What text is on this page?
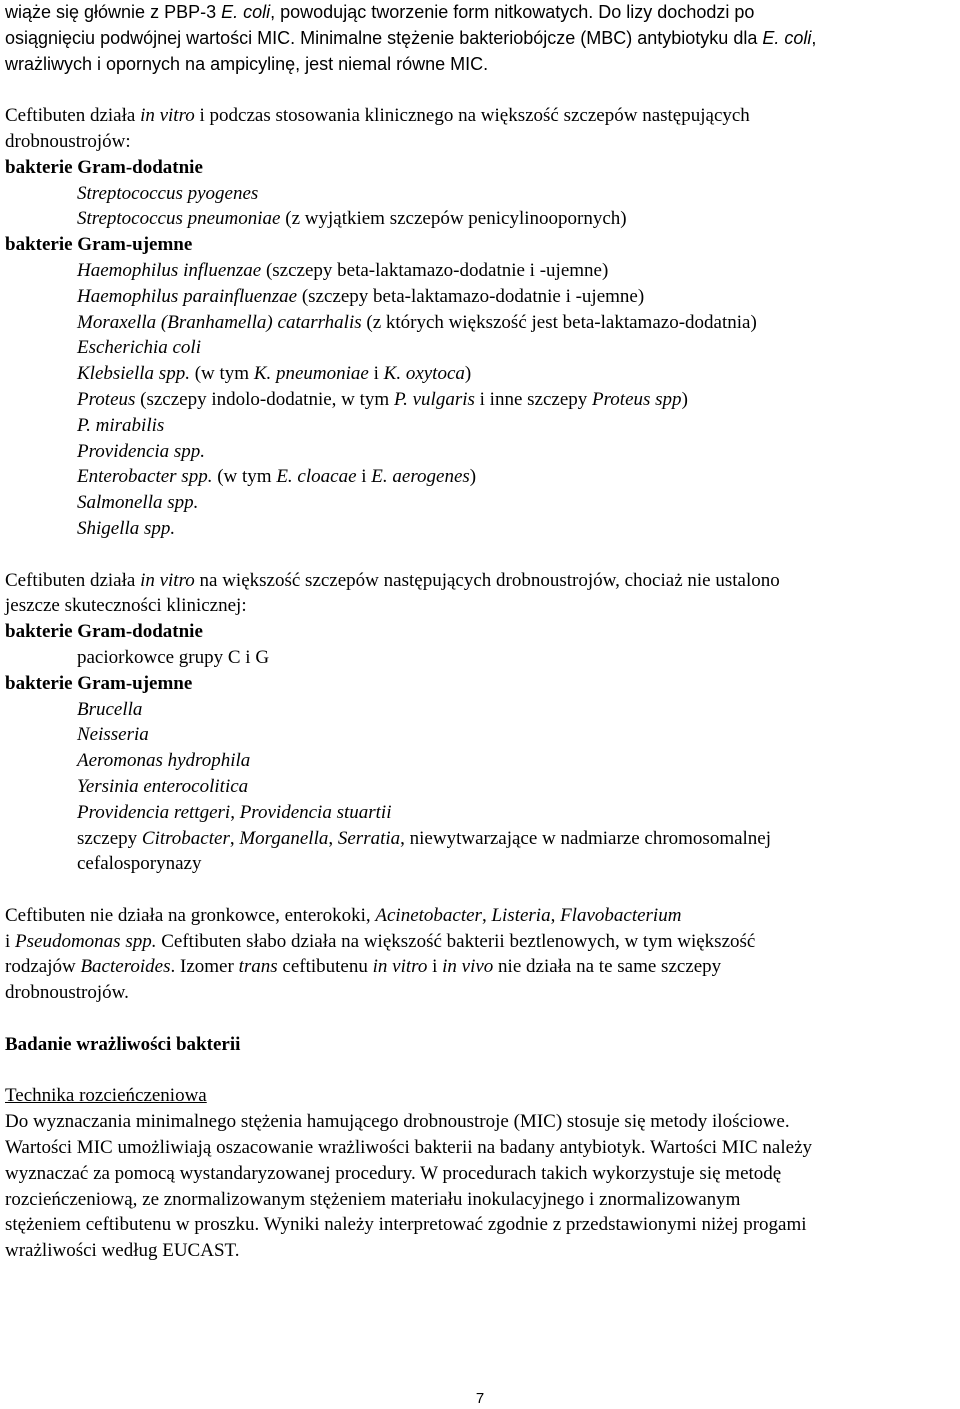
wiąże się głównie z PBP-3 E. coli, powodując tworzenie form nitkowatych. Do lizy dochodzi po

osiągnięciu podwójnej wartości MIC. Minimalne stężenie bakteriobójcze (MBC) antybiotyku dla E. coli,

wrażliwych i opornych na ampicylinę, jest niemal równe MIC.

Ceftibuten działa in vitro i podczas stosowania klinicznego na większość szczepów następujących

drobnoustrojów:

bakterie Gram-dodatnie

Streptococcus pyogenes

Streptococcus pneumoniae (z wyjątkiem szczepów penicylinoopornych)

bakterie Gram-ujemne

Haemophilus influenzae (szczepy beta-laktamazo-dodatnie i -ujemne)

Haemophilus parainfluenzae (szczepy beta-laktamazo-dodatnie i -ujemne)

Moraxella (Branhamella) catarrhalis (z których większość jest beta-laktamazo-dodatnia)

Escherichia coli

Klebsiella spp. (w tym K. pneumoniae i K. oxytoca)

Proteus (szczepy indolo-dodatnie, w tym P. vulgaris i inne szczepy Proteus spp)

P. mirabilis

Providencia spp.

Enterobacter spp. (w tym E. cloacae i E. aerogenes)

Salmonella spp.

Shigella spp.

Ceftibuten działa in vitro na większość szczepów następujących drobnoustrojów, chociaż nie ustalono

jeszcze skuteczności klinicznej:

bakterie Gram-dodatnie

paciorkowce grupy C i G

bakterie Gram-ujemne

Brucella

Neisseria

Aeromonas hydrophila

Yersinia enterocolitica

Providencia rettgeri, Providencia stuartii

szczepy Citrobacter, Morganella, Serratia, niewytwarzające w nadmiarze chromosomalnej

cefalosporynazy

Ceftibuten nie działa na gronkowce, enterokoki, Acinetobacter, Listeria, Flavobacterium

i Pseudomonas spp. Ceftibuten słabo działa na większość bakterii beztlenowych, w tym większość

rodzajów Bacteroides. Izomer trans ceftibutenu in vitro i in vivo nie działa na te same szczepy

drobnoustrojów.

Badanie wrażliwości bakterii

Technika rozcieńczeniowa

Do wyznaczania minimalnego stężenia hamującego drobnoustroje (MIC) stosuje się metody ilościowe.

Wartości MIC umożliwiają oszacowanie wrażliwości bakterii na badany antybiotyk. Wartości MIC należy

wyznaczać za pomocą wystandaryzowanej procedury. W procedurach takich wykorzystuje się metodę

rozcieńczeniową, ze znormalizowanym stężeniem materiału inokulacyjnego i znormalizowanym

stężeniem ceftibutenu w proszku. Wyniki należy interpretować zgodnie z przedstawionymi niżej progami

wrażliwości według EUCAST.

7
